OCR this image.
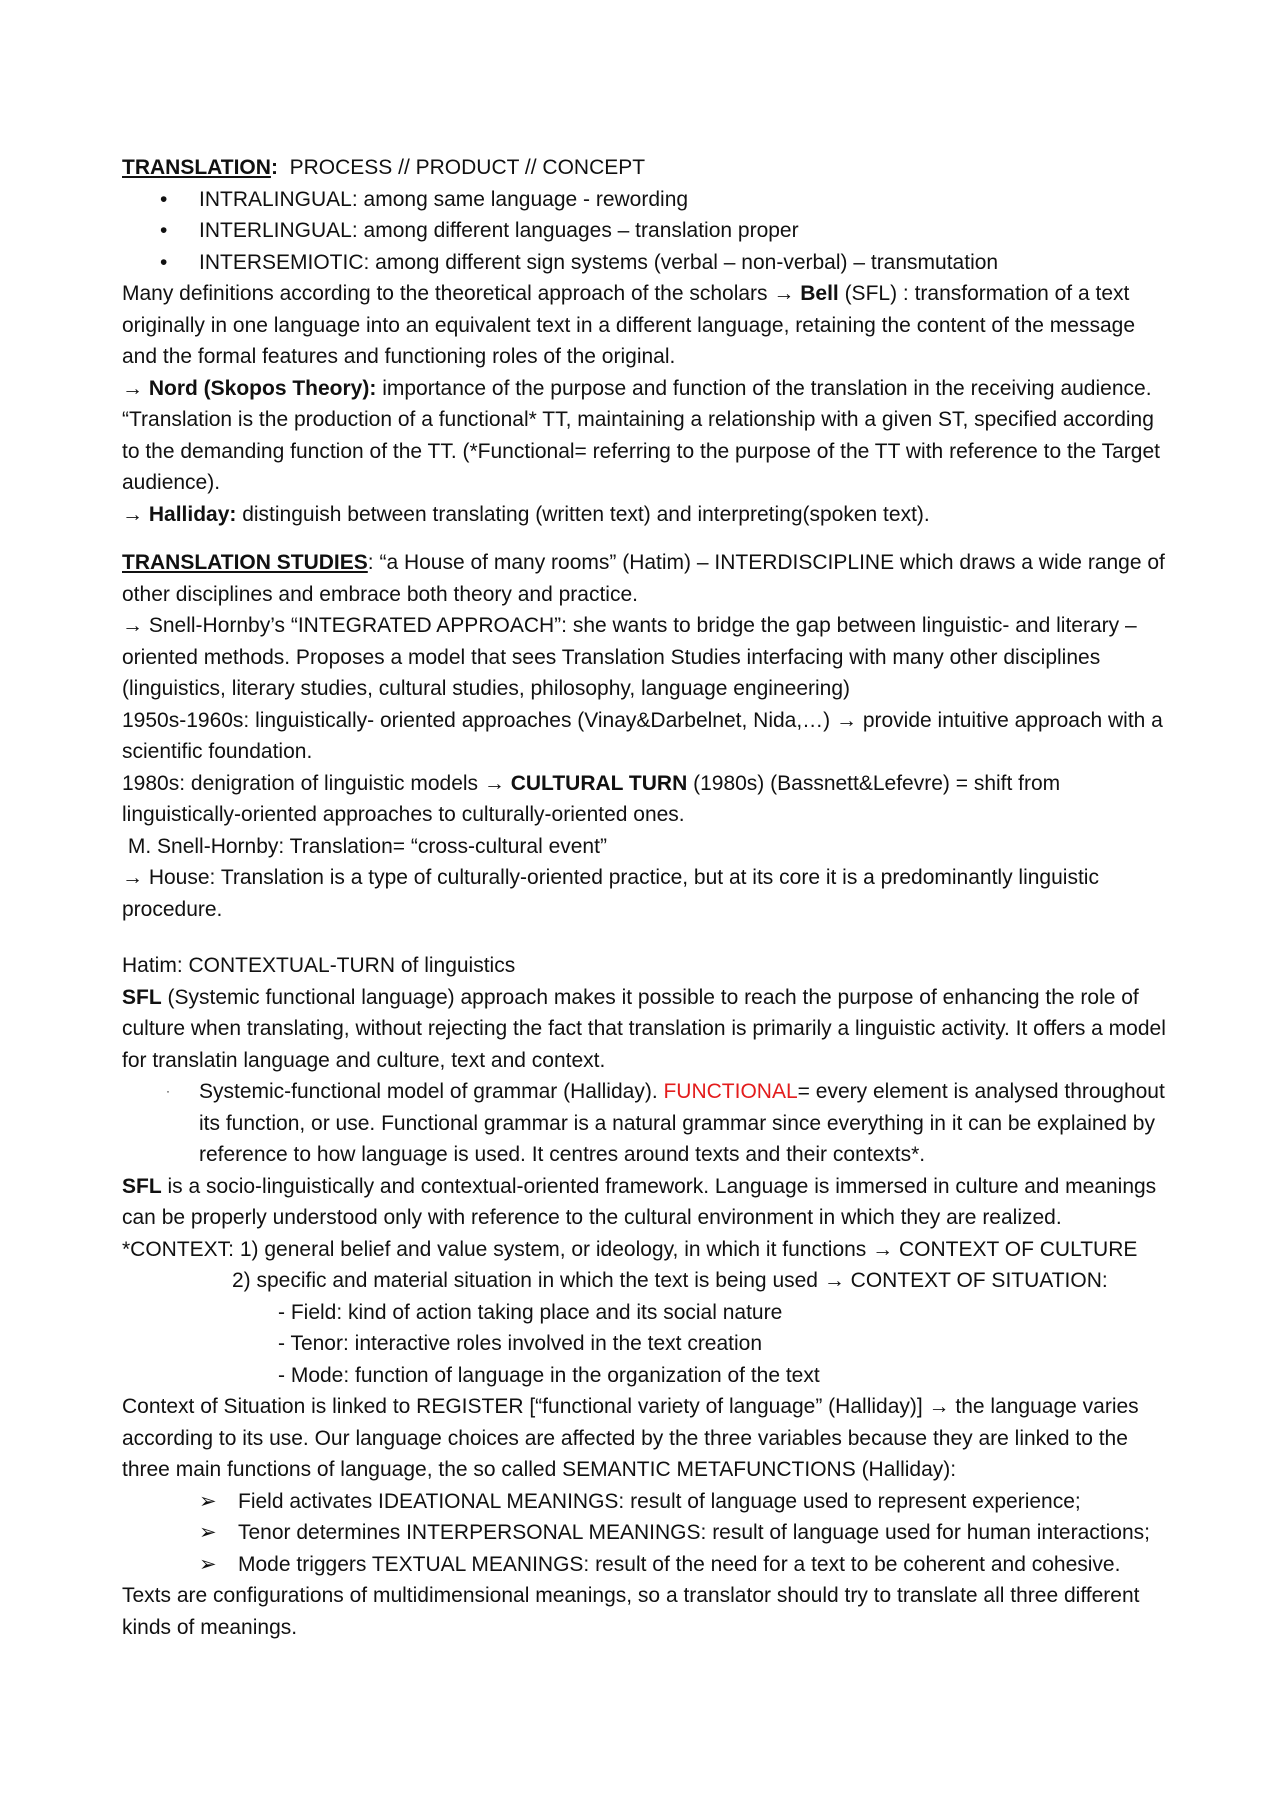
TRANSLATION:  PROCESS // PRODUCT // CONCEPT

• INTRALINGUAL: among same language - rewording
• INTERLINGUAL: among different languages – translation proper
• INTERSEMIOTIC: among different sign systems (verbal – non-verbal) – transmutation

Many definitions according to the theoretical approach of the scholars → Bell (SFL) : transformation of a text originally in one language into an equivalent text in a different language, retaining the content of the message and the formal features and functioning roles of the original.

→ Nord (Skopos Theory): importance of the purpose and function of the translation in the receiving audience. “Translation is the production of a functional* TT, maintaining a relationship with a given ST, specified according to the demanding function of the TT. (*Functional= referring to the purpose of the TT with reference to the Target audience).

→ Halliday: distinguish between translating (written text) and interpreting(spoken text).

TRANSLATION STUDIES: “a House of many rooms” (Hatim) – INTERDISCIPLINE which draws a wide range of other disciplines and embrace both theory and practice.

→ Snell-Hornby’s “INTEGRATED APPROACH”: she wants to bridge the gap between linguistic- and literary –oriented methods. Proposes a model that sees Translation Studies interfacing with many other disciplines (linguistics, literary studies, cultural studies, philosophy, language engineering)

1950s-1960s: linguistically- oriented approaches (Vinay&Darbelnet, Nida,…) → provide intuitive approach with a scientific foundation.

1980s: denigration of linguistic models → CULTURAL TURN (1980s) (Bassnett&Lefevre) = shift from linguistically-oriented approaches to culturally-oriented ones.

M. Snell-Hornby: Translation= “cross-cultural event”

→ House: Translation is a type of culturally-oriented practice, but at its core it is a predominantly linguistic procedure.

Hatim: CONTEXTUAL-TURN of linguistics

SFL (Systemic functional language) approach makes it possible to reach the purpose of enhancing the role of culture when translating, without rejecting the fact that translation is primarily a linguistic activity. It offers a model for translatin language and culture, text and context.

· Systemic-functional model of grammar (Halliday). FUNCTIONAL= every element is analysed throughout its function, or use. Functional grammar is a natural grammar since everything in it can be explained by reference to how language is used. It centres around texts and their contexts*.

SFL is a socio-linguistically and contextual-oriented framework. Language is immersed in culture and meanings can be properly understood only with reference to the cultural environment in which they are realized.

*CONTEXT: 1) general belief and value system, or ideology, in which it functions → CONTEXT OF CULTURE

2) specific and material situation in which the text is being used → CONTEXT OF SITUATION:

- Field: kind of action taking place and its social nature

- Tenor: interactive roles involved in the text creation

- Mode: function of language in the organization of the text

Context of Situation is linked to REGISTER [“functional variety of language” (Halliday)] → the language varies according to its use. Our language choices are affected by the three variables because they are linked to the three main functions of language, the so called SEMANTIC METAFUNCTIONS (Halliday):

➢ Field activates IDEATIONAL MEANINGS: result of language used to represent experience;

➢ Tenor determines INTERPERSONAL MEANINGS: result of language used for human interactions;

➢ Mode triggers TEXTUAL MEANINGS: result of the need for a text to be coherent and cohesive.

Texts are configurations of multidimensional meanings, so a translator should try to translate all three different kinds of meanings.
